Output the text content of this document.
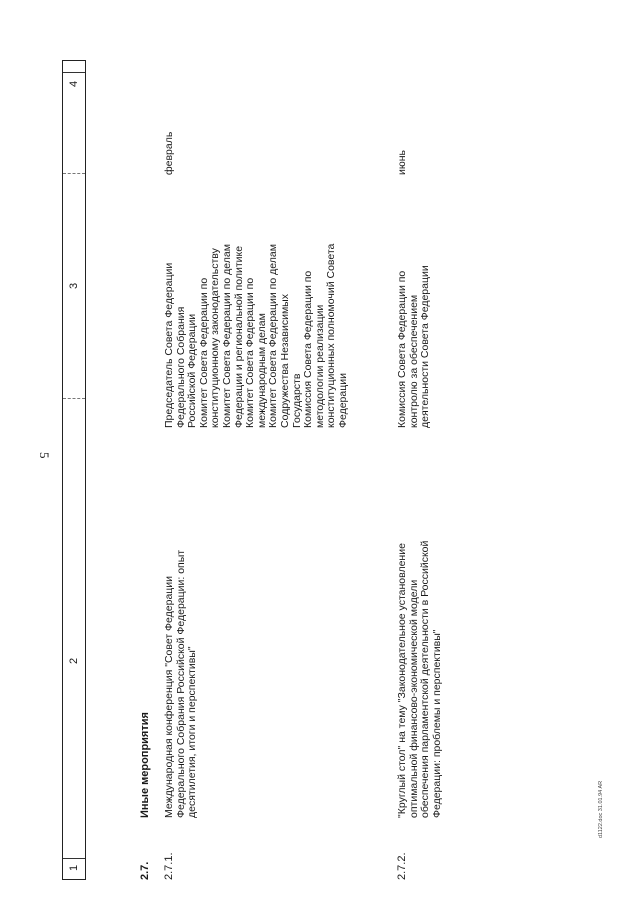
5
1
2
3
4
2.7.
Иные мероприятия
2.7.1.
Международная конференция "Совет Федерации
Федерального Собрания Российской Федерации: опыт
десятилетия, итоги и перспективы"
Председатель Совета Федерации
Федерального Собрания
Российской Федерации
Комитет Совета Федерации по
конституционному законодательству
Комитет Совета Федерации по делам
Федерации и региональной политике
Комитет Совета Федерации по
международным делам
Комитет Совета Федерации по делам
Содружества Независимых
Государств
Комиссия Совета Федерации по
методологии реализации
конституционных полномочий Совета
Федерации
февраль
2.7.2.
"Круглый стол" на тему "Законодательное установление
оптимальной финансово-экономической модели
обеспечения парламентской деятельности в Российской
Федерации: проблемы и перспективы"
Комиссия Совета Федерации по
контролю за обеспечением
деятельности Совета Федерации
июнь
d1122.doc 31.01.94 AR
